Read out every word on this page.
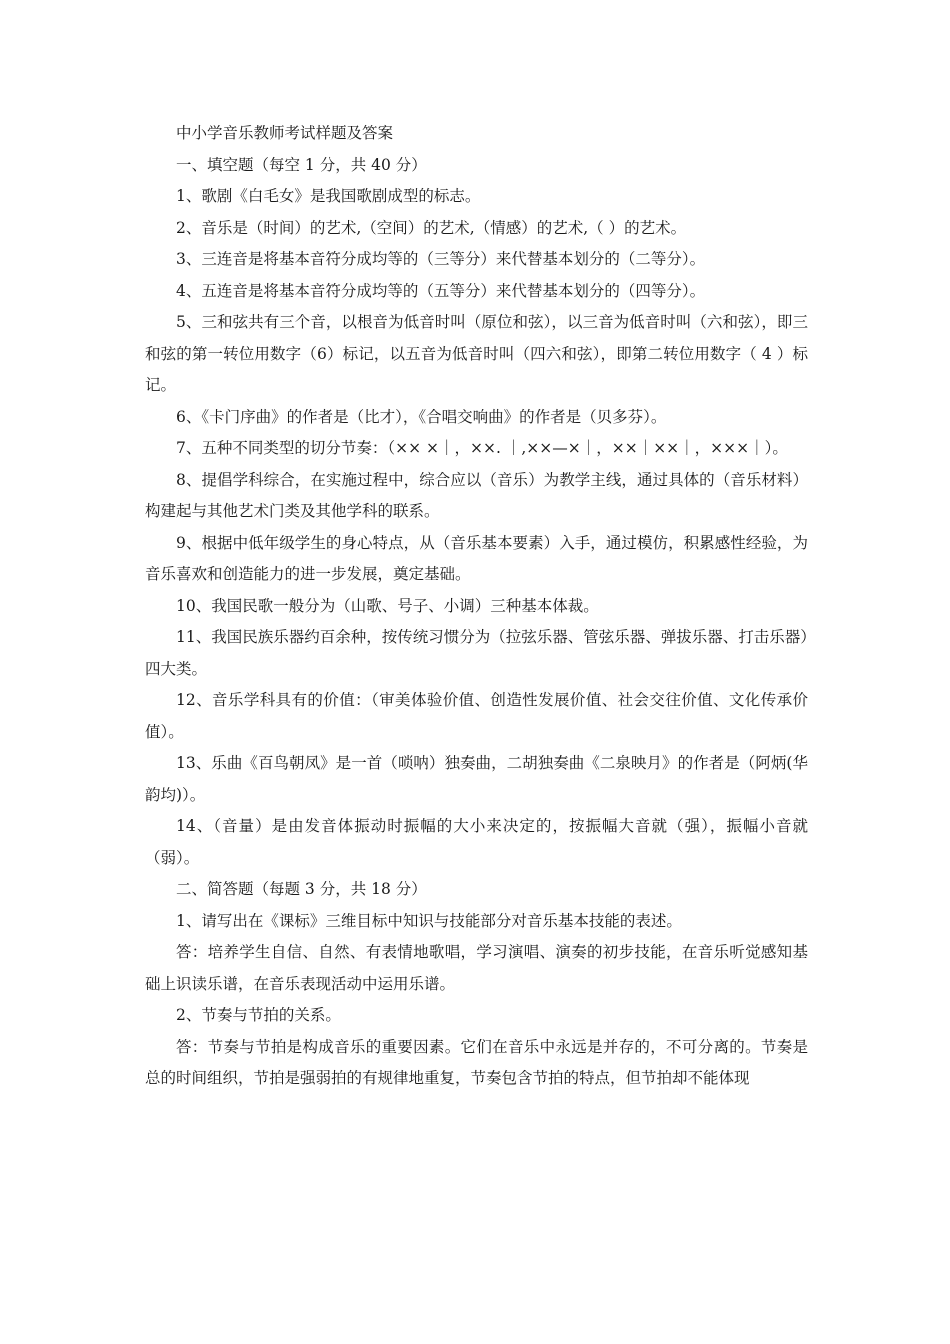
中小学音乐教师考试样题及答案

一、填空题（每空 1 分，共 40 分）

1、歌剧《白毛女》是我国歌剧成型的标志。

2、音乐是（时间）的艺术,（空间）的艺术,（情感）的艺术,（ ）的艺术。

3、三连音是将基本音符分成均等的（三等分）来代替基本划分的（二等分）。

4、五连音是将基本音符分成均等的（五等分）来代替基本划分的（四等分）。

5、三和弦共有三个音，以根音为低音时叫（原位和弦），以三音为低音时叫（六和弦），即三和弦的第一转位用数字（6）标记，以五音为低音时叫（四六和弦），即第二转位用数字（ 4 ）标记。

6、《卡门序曲》的作者是（比才），《合唱交响曲》的作者是（贝多芬）。

7、五种不同类型的切分节奏：（×× ×｜，××. ｜,××—×｜，××｜××｜，×××｜）。

8、提倡学科综合，在实施过程中，综合应以（音乐）为教学主线，通过具体的（音乐材料）构建起与其他艺术门类及其他学科的联系。

9、根据中低年级学生的身心特点，从（音乐基本要素）入手，通过模仿，积累感性经验，为音乐喜欢和创造能力的进一步发展，奠定基础。

10、我国民歌一般分为（山歌、号子、小调）三种基本体裁。

11、我国民族乐器约百余种，按传统习惯分为（拉弦乐器、管弦乐器、弹拔乐器、打击乐器）四大类。

12、音乐学科具有的价值：（审美体验价值、创造性发展价值、社会交往价值、文化传承价值）。

13、乐曲《百鸟朝凤》是一首（唢呐）独奏曲，二胡独奏曲《二泉映月》的作者是（阿炳(华韵均)）。

14、（音量）是由发音体振动时振幅的大小来决定的，按振幅大音就（强），振幅小音就（弱）。

二、简答题（每题 3 分，共 18 分）

1、请写出在《课标》三维目标中知识与技能部分对音乐基本技能的表述。

答：培养学生自信、自然、有表情地歌唱，学习演唱、演奏的初步技能，在音乐听觉感知基础上识读乐谱，在音乐表现活动中运用乐谱。

2、节奏与节拍的关系。

答：节奏与节拍是构成音乐的重要因素。它们在音乐中永远是并存的，不可分离的。节奏是总的时间组织，节拍是强弱拍的有规律地重复，节奏包含节拍的特点，但节拍却不能体现
